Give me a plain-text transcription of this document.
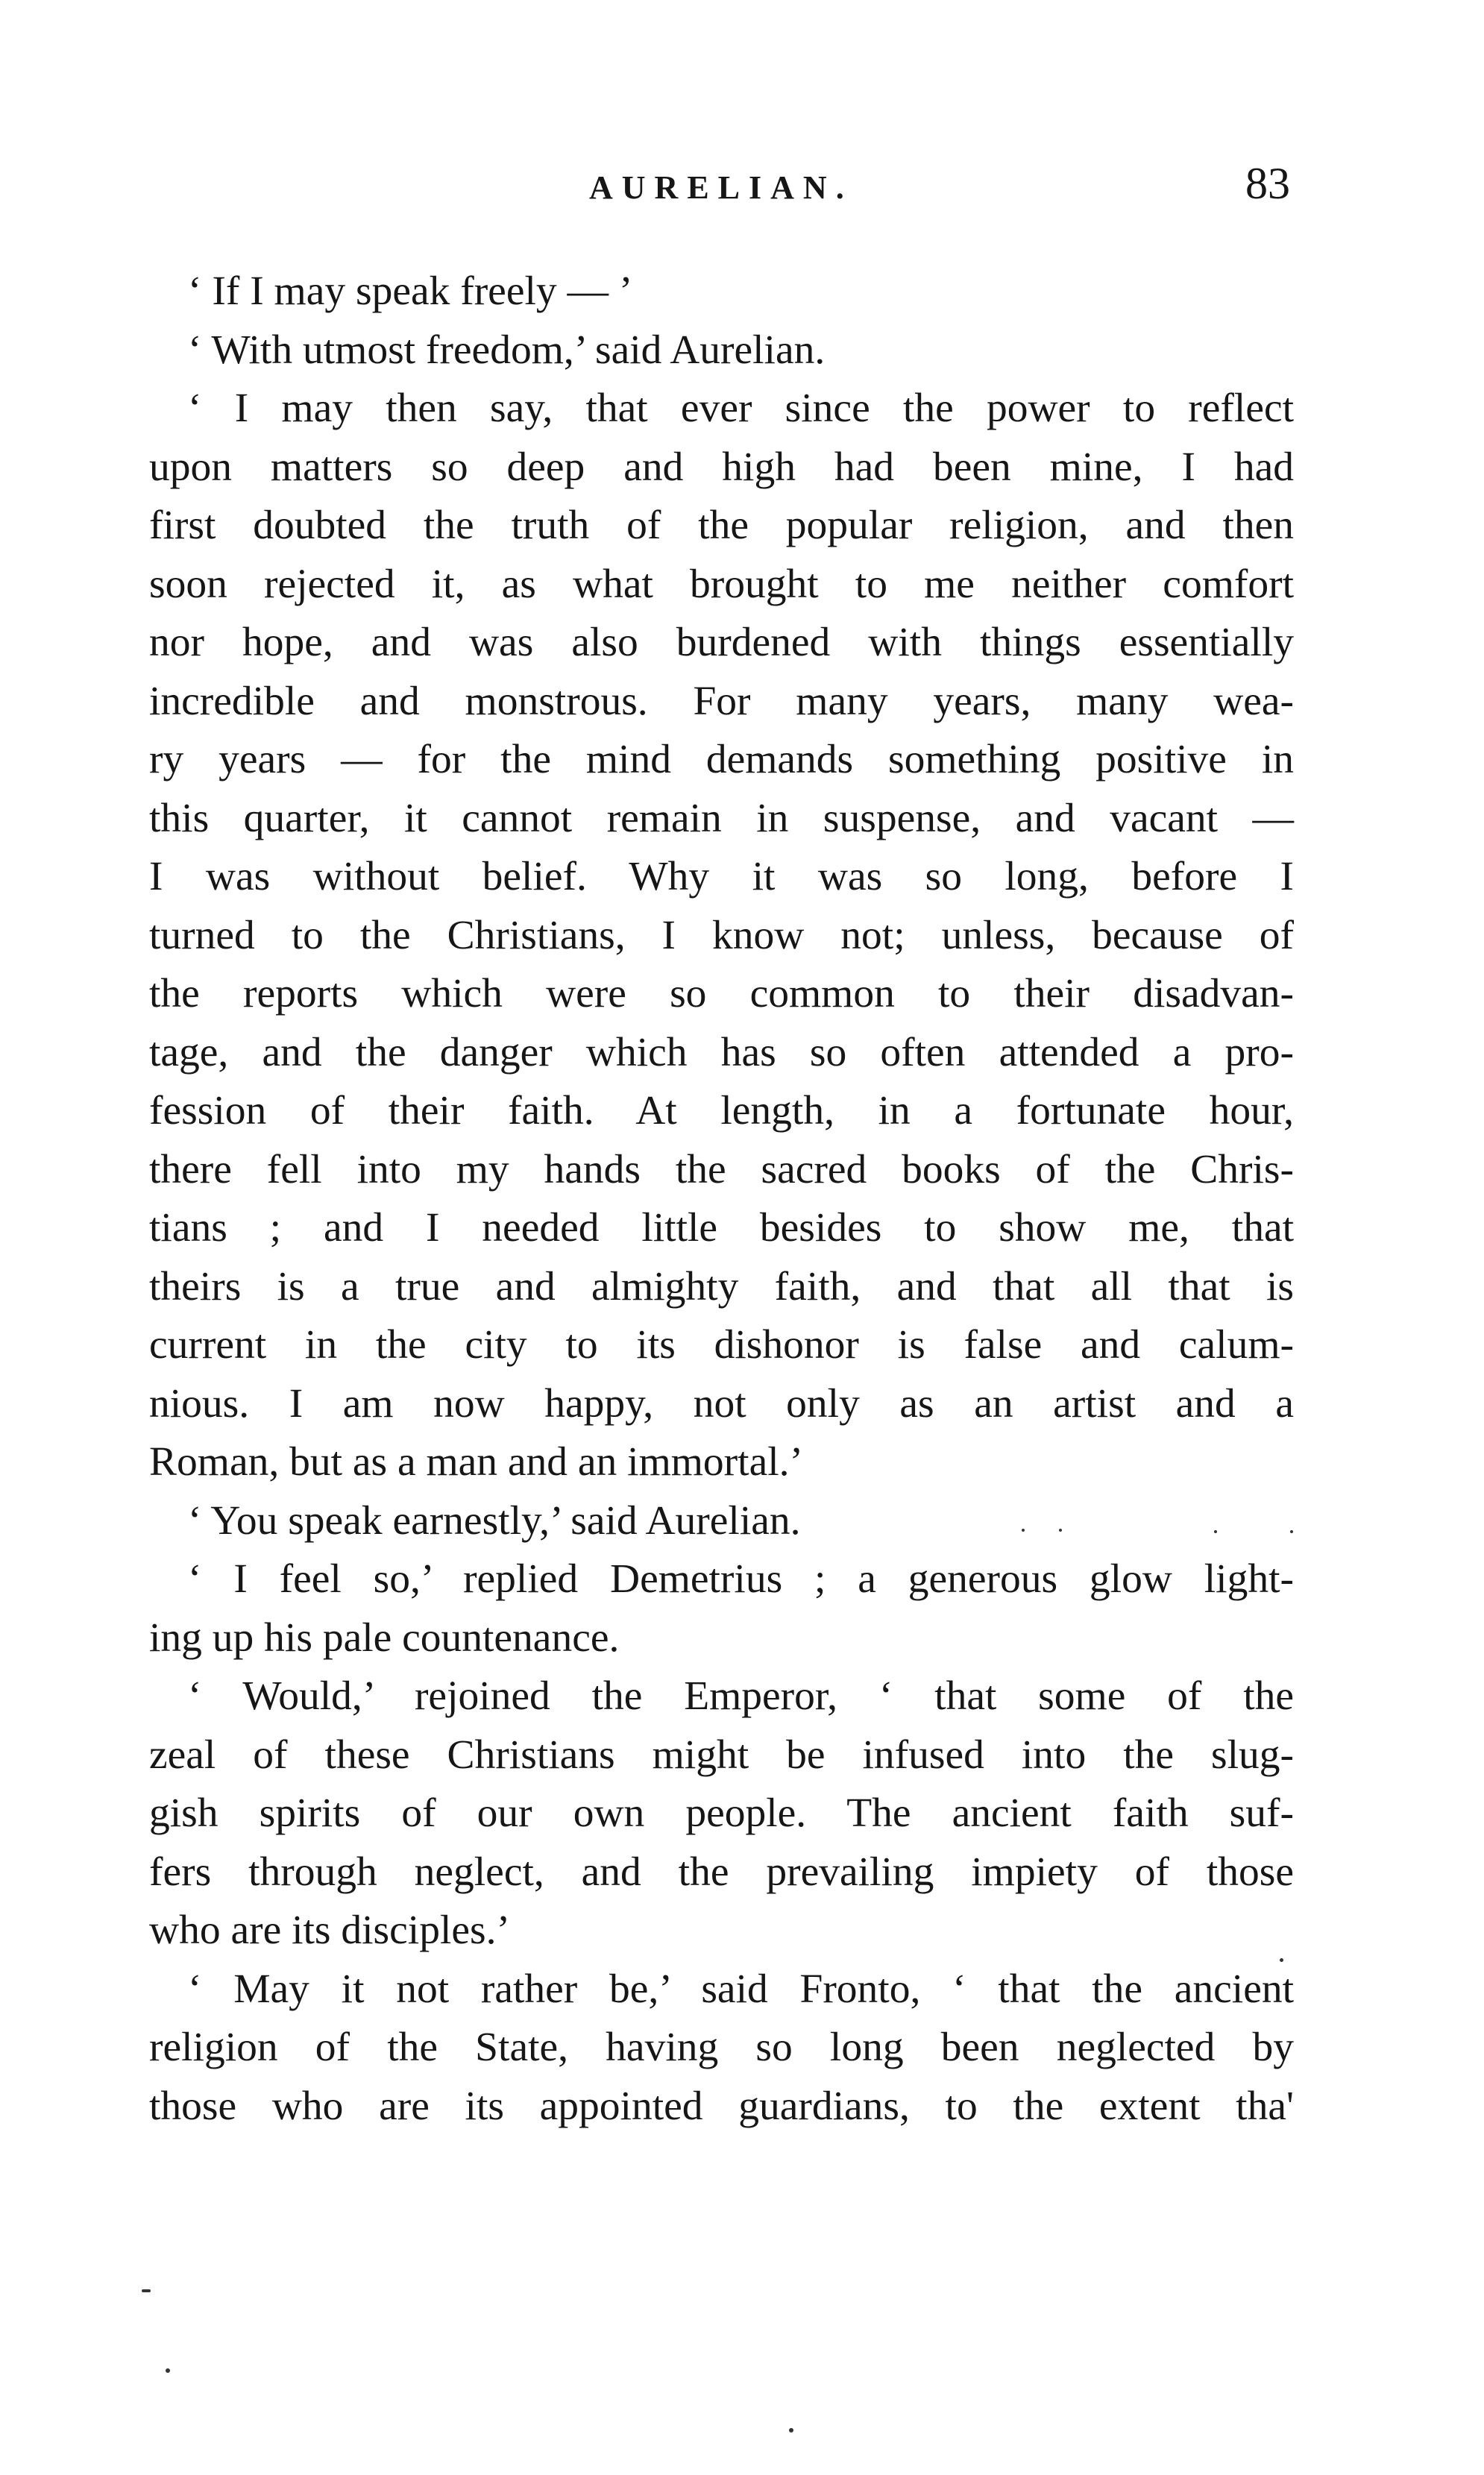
AURELIAN.	83
‘ If I may speak freely — ’
‘ With utmost freedom,’ said Aurelian.
‘ I may then say, that ever since the power to reflect
upon matters so deep and high had been mine, I had
first doubted the truth of the popular religion, and then
soon rejected it, as what brought to me neither comfort
nor hope, and was also burdened with things essentially
incredible and monstrous. For many years, many wea-
ry years — for the mind demands something positive in
this quarter, it cannot remain in suspense, and vacant —
I was without belief. Why it was so long, before I
turned to the Christians, I know not; unless, because of
the reports which were so common to their disadvan-
tage, and the danger which has so often attended a pro-
fession of their faith. At length, in a fortunate hour,
there fell into my hands the sacred books of the Chris-
tians ; and I needed little besides to show me, that
theirs is a true and almighty faith, and that all that is
current in the city to its dishonor is false and calum-
nious. I am now happy, not only as an artist and a
Roman, but as a man and an immortal.’
‘ You speak earnestly,’ said Aurelian.
‘ I feel so,’ replied Demetrius ; a generous glow light-
ing up his pale countenance.
‘ Would,’ rejoined the Emperor, ‘ that some of the
zeal of these Christians might be infused into the slug-
gish spirits of our own people. The ancient faith suf-
fers through neglect, and the prevailing impiety of those
who are its disciples.’
‘ May it not rather be,’ said Fronto, ‘ that the ancient
religion of the State, having so long been neglected by
those who are its appointed guardians, to the extent tha'
